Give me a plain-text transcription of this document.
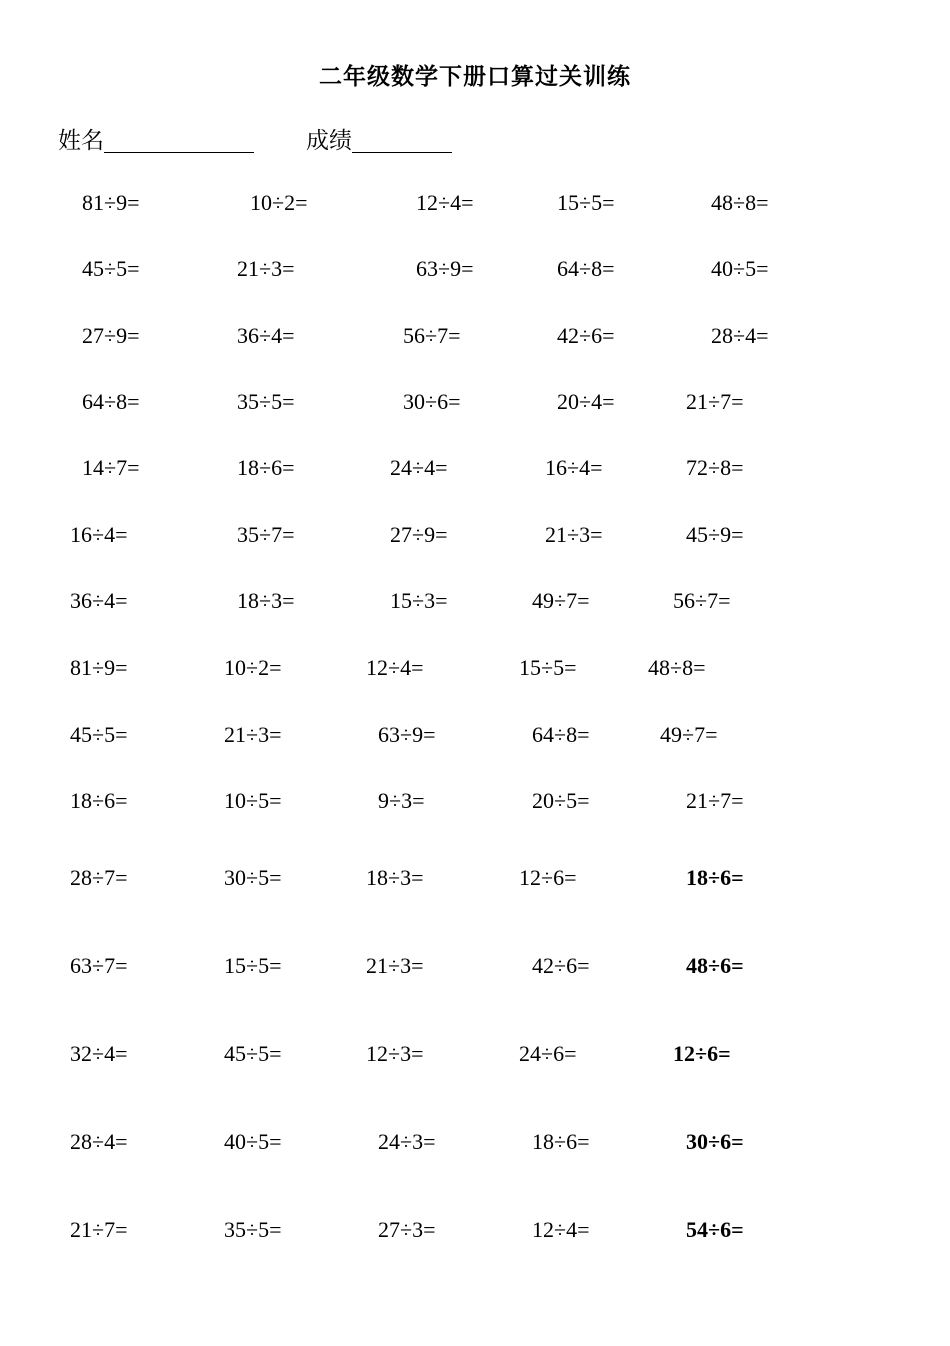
二年级数学下册口算过关训练
姓名	成绩
81÷9=	10÷2=	12÷4=	15÷5=	48÷8=
45÷5=	21÷3=	63÷9=	64÷8=	40÷5=
27÷9=	36÷4=	56÷7=	42÷6=	28÷4=
64÷8=	35÷5=	30÷6=	20÷4=	21÷7=
14÷7=	18÷6=	24÷4=	16÷4=	72÷8=
16÷4=	35÷7=	27÷9=	21÷3=	45÷9=
36÷4=	18÷3=	15÷3=	49÷7=	56÷7=
81÷9=	10÷2=	12÷4=	15÷5=	48÷8=
45÷5=	21÷3=	63÷9=	64÷8=	49÷7=
18÷6=	10÷5=	9÷3=	20÷5=	21÷7=
28÷7=	30÷5=	18÷3=	12÷6=	18÷6=
63÷7=	15÷5=	21÷3=	42÷6=	48÷6=
32÷4=	45÷5=	12÷3=	24÷6=	12÷6=
28÷4=	40÷5=	24÷3=	18÷6=	30÷6=
21÷7=	35÷5=	27÷3=	12÷4=	54÷6=
